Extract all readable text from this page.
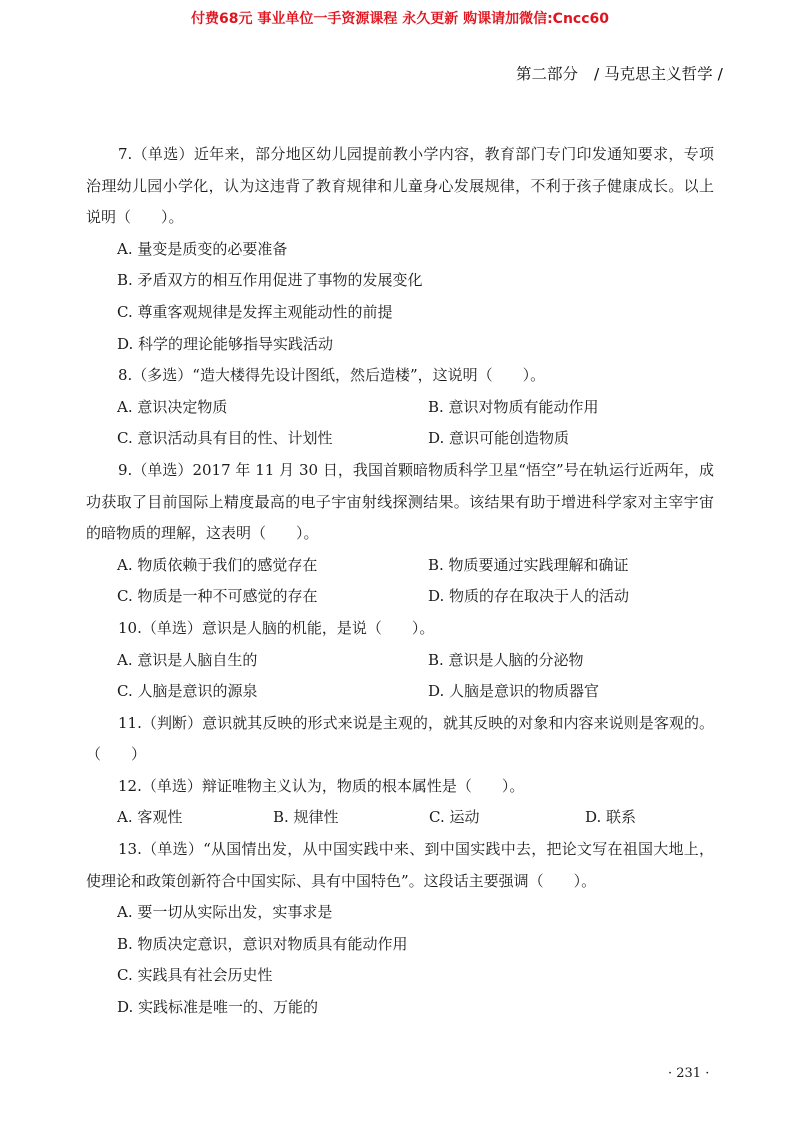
付费68元 事业单位一手资源课程 永久更新 购课请加微信:Cncc60
第二部分 / 马克思主义哲学 /

7.（单选）近年来，部分地区幼儿园提前教小学内容，教育部门专门印发通知要求，专项治理幼儿园小学化，认为这违背了教育规律和儿童身心发展规律，不利于孩子健康成长。以上说明（　　）。

A. 量变是质变的必要准备

B. 矛盾双方的相互作用促进了事物的发展变化

C. 尊重客观规律是发挥主观能动性的前提

D. 科学的理论能够指导实践活动

8.（多选）“造大楼得先设计图纸，然后造楼”，这说明（　　）。

A. 意识决定物质	B. 意识对物质有能动作用
C. 意识活动具有目的性、计划性	D. 意识可能创造物质

9.（单选）2017 年 11 月 30 日，我国首颗暗物质科学卫星“悟空”号在轨运行近两年，成功获取了目前国际上精度最高的电子宇宙射线探测结果。该结果有助于增进科学家对主宰宇宙的暗物质的理解，这表明（　　）。

A. 物质依赖于我们的感觉存在	B. 物质要通过实践理解和确证
C. 物质是一种不可感觉的存在	D. 物质的存在取决于人的活动

10.（单选）意识是人脑的机能，是说（　　）。

A. 意识是人脑自生的	B. 意识是人脑的分泌物
C. 人脑是意识的源泉	D. 人脑是意识的物质器官

11.（判断）意识就其反映的形式来说是主观的，就其反映的对象和内容来说则是客观的。（　　）

12.（单选）辩证唯物主义认为，物质的根本属性是（　　）。

A. 客观性	B. 规律性	C. 运动	D. 联系

13.（单选）“从国情出发，从中国实践中来、到中国实践中去，把论文写在祖国大地上，使理论和政策创新符合中国实际、具有中国特色”。这段话主要强调（　　）。

A. 要一切从实际出发，实事求是

B. 物质决定意识，意识对物质具有能动作用

C. 实践具有社会历史性

D. 实践标准是唯一的、万能的

· 231 ·
